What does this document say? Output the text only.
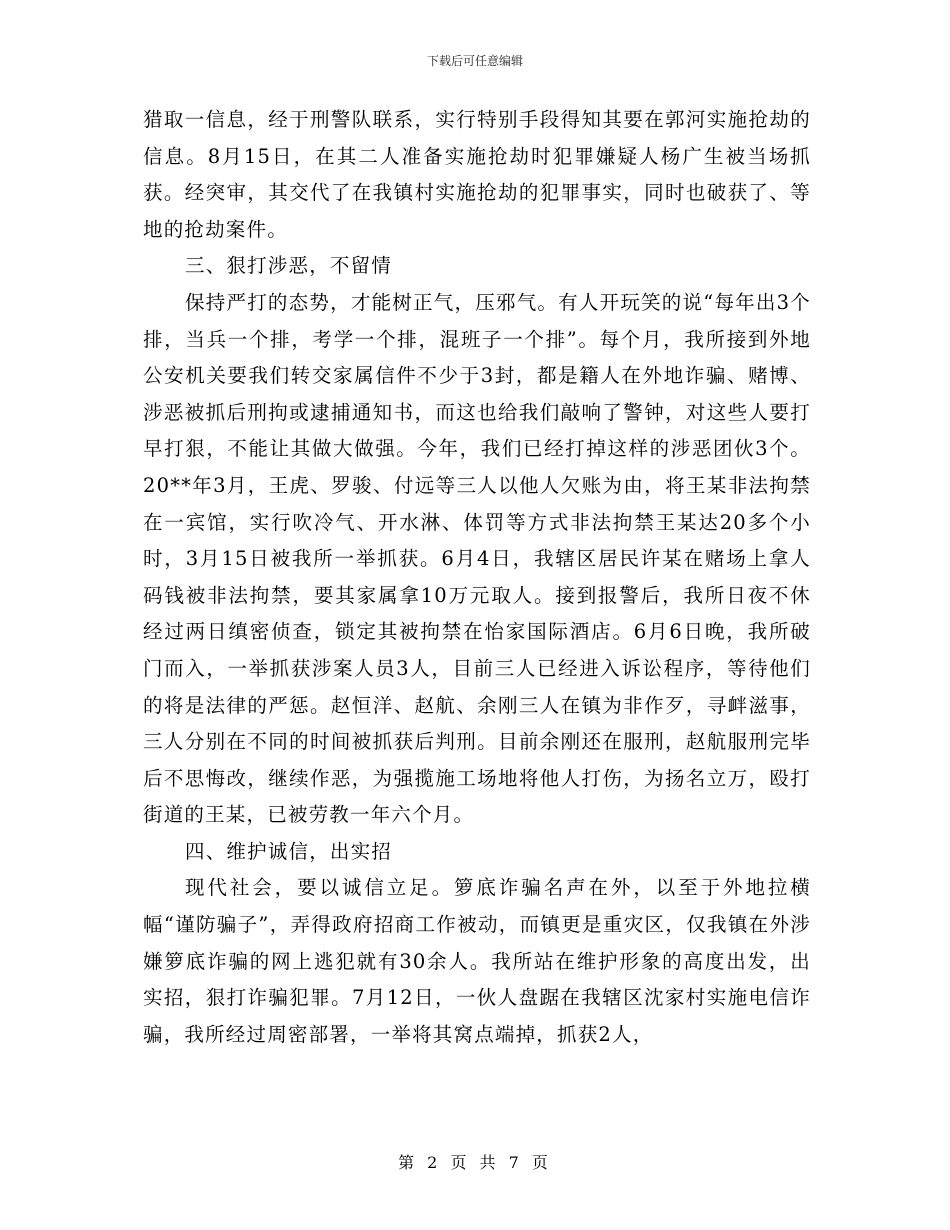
下载后可任意编辑

猎取一信息，经于刑警队联系，实行特别手段得知其要在郭河实施抢劫的信息。8月15日，在其二人准备实施抢劫时犯罪嫌疑人杨广生被当场抓获。经突审，其交代了在我镇村实施抢劫的犯罪事实，同时也破获了、等地的抢劫案件。

三、狠打涉恶，不留情

保持严打的态势，才能树正气，压邪气。有人开玩笑的说“每年出3个排，当兵一个排，考学一个排，混班子一个排”。每个月，我所接到外地公安机关要我们转交家属信件不少于3封，都是籍人在外地诈骗、赌博、涉恶被抓后刑拘或逮捕通知书，而这也给我们敲响了警钟，对这些人要打早打狠，不能让其做大做强。今年，我们已经打掉这样的涉恶团伙3个。20**年3月，王虎、罗骏、付远等三人以他人欠账为由，将王某非法拘禁在一宾馆，实行吹冷气、开水淋、体罚等方式非法拘禁王某达20多个小时，3月15日被我所一举抓获。6月4日，我辖区居民许某在赌场上拿人码钱被非法拘禁，要其家属拿10万元取人。接到报警后，我所日夜不休经过两日缜密侦查，锁定其被拘禁在怡家国际酒店。6月6日晚，我所破门而入，一举抓获涉案人员3人，目前三人已经进入诉讼程序，等待他们的将是法律的严惩。赵恒洋、赵航、余刚三人在镇为非作歹，寻衅滋事，三人分别在不同的时间被抓获后判刑。目前余刚还在服刑，赵航服刑完毕后不思悔改，继续作恶，为强揽施工场地将他人打伤，为扬名立万，殴打街道的王某，已被劳教一年六个月。

四、维护诚信，出实招

现代社会，要以诚信立足。箩底诈骗名声在外，以至于外地拉横幅“谨防骗子”，弄得政府招商工作被动，而镇更是重灾区，仅我镇在外涉嫌箩底诈骗的网上逃犯就有30余人。我所站在维护形象的高度出发，出实招，狠打诈骗犯罪。7月12日，一伙人盘踞在我辖区沈家村实施电信诈骗，我所经过周密部署，一举将其窝点端掉，抓获2人，

第 2 页 共 7 页
